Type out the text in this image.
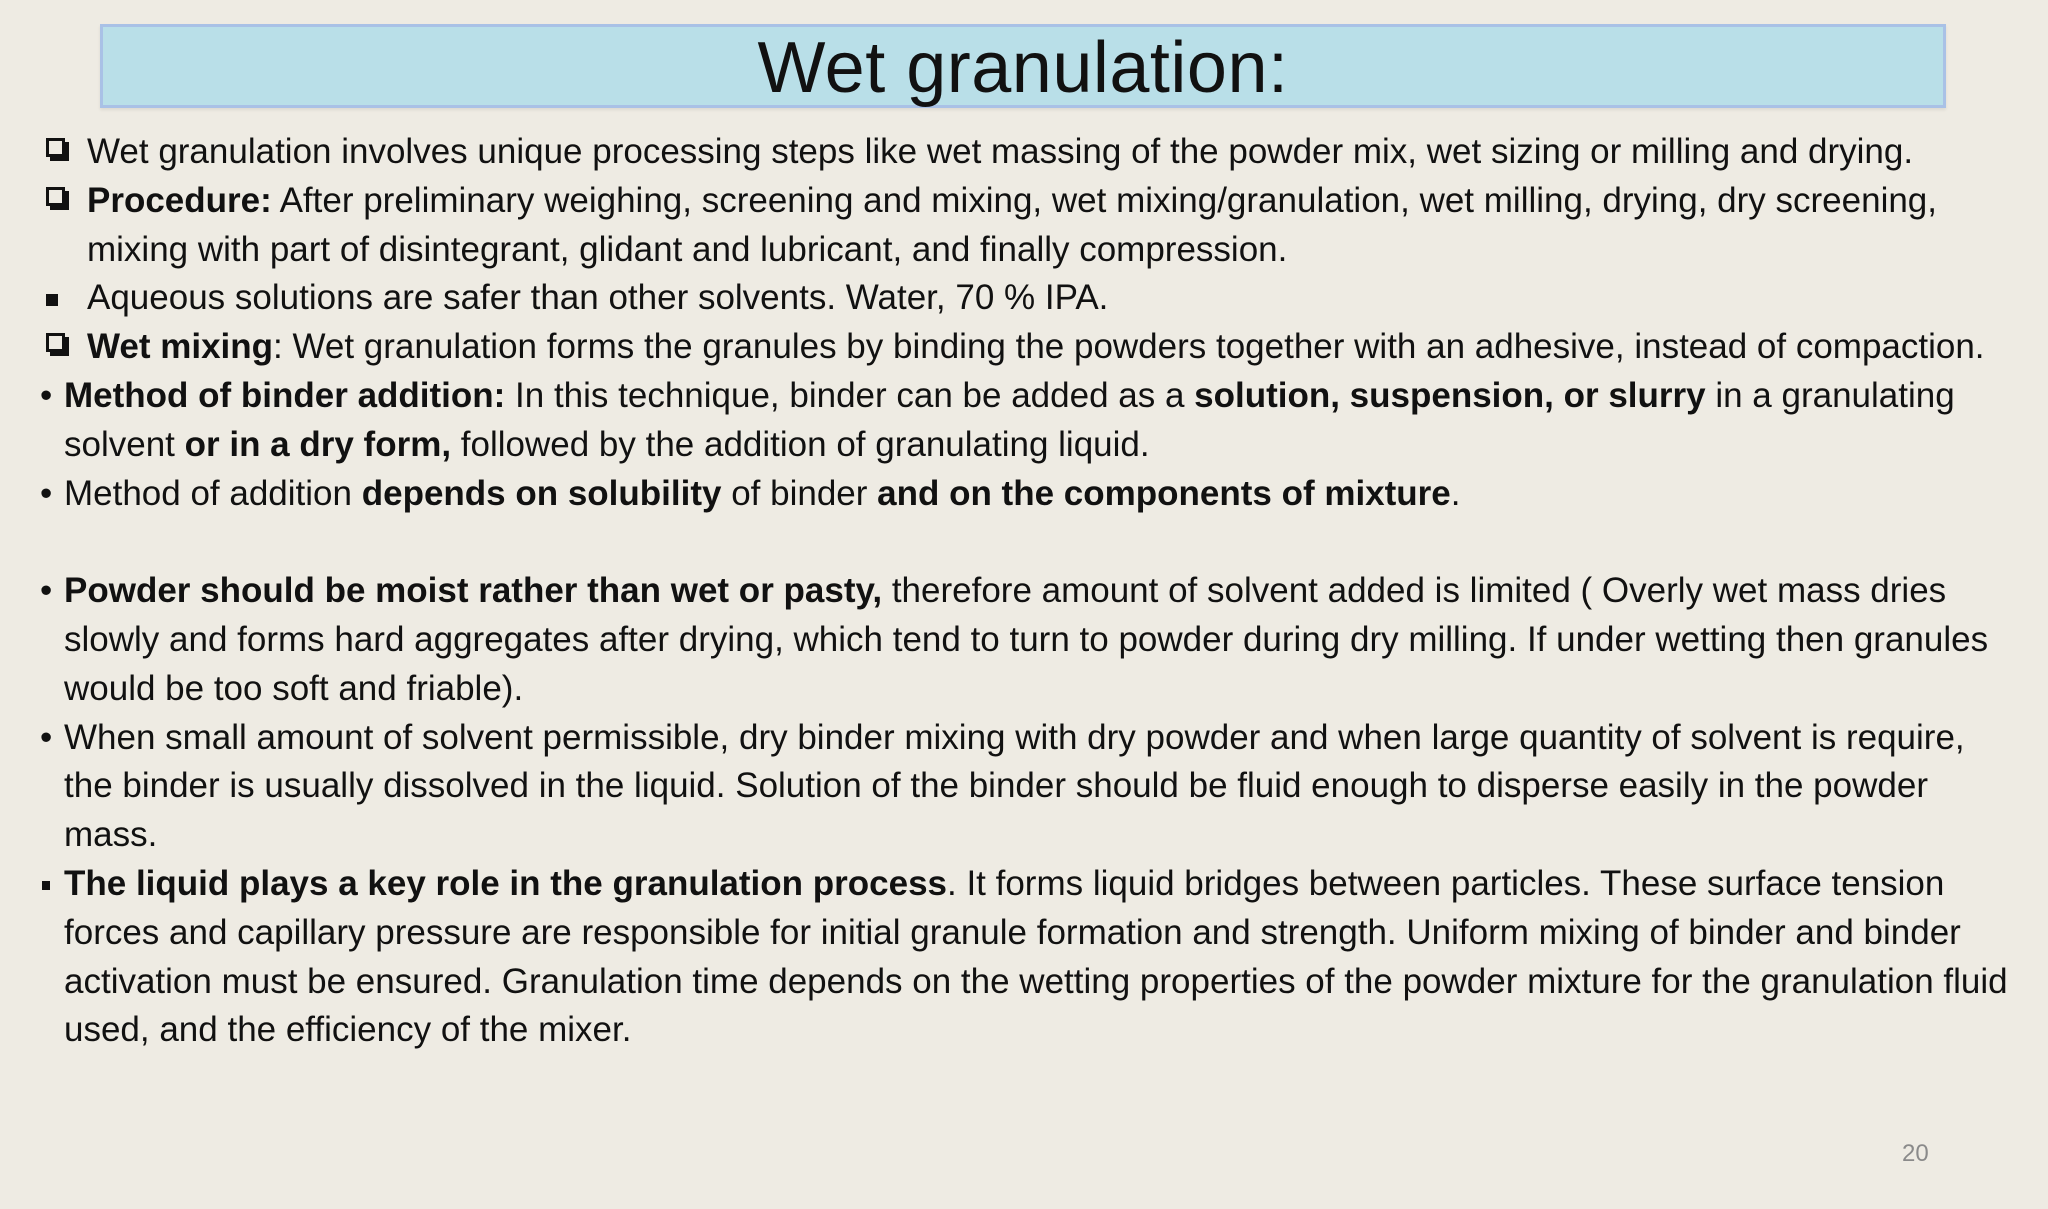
Wet granulation:
Wet granulation involves unique processing steps like wet massing of the powder mix, wet sizing or milling and drying.
Procedure: After preliminary weighing, screening and mixing, wet mixing/granulation, wet milling, drying, dry screening, mixing with part of disintegrant, glidant and lubricant, and finally compression.
Aqueous solutions are safer than other solvents. Water, 70 % IPA.
Wet mixing: Wet granulation forms the granules by binding the powders together with an adhesive, instead of compaction.
• Method of binder addition: In this technique, binder can be added as a solution, suspension, or slurry in a granulating solvent or in a dry form, followed by the addition of granulating liquid.
• Method of addition depends on solubility of binder and on the components of mixture.
• Powder should be moist rather than wet or pasty, therefore amount of solvent added is limited ( Overly wet mass dries slowly and forms hard aggregates after drying, which tend to turn to powder during dry milling. If under wetting then granules would be too soft and friable).
• When small amount of solvent permissible, dry binder mixing with dry powder and when large quantity of solvent is require, the binder is usually dissolved in the liquid. Solution of the binder should be fluid enough to disperse easily in the powder mass.
The liquid plays a key role in the granulation process. It forms liquid bridges between particles. These surface tension forces and capillary pressure are responsible for initial granule formation and strength. Uniform mixing of binder and binder activation must be ensured. Granulation time depends on the wetting properties of the powder mixture for the granulation fluid used, and the efficiency of the mixer.
20
